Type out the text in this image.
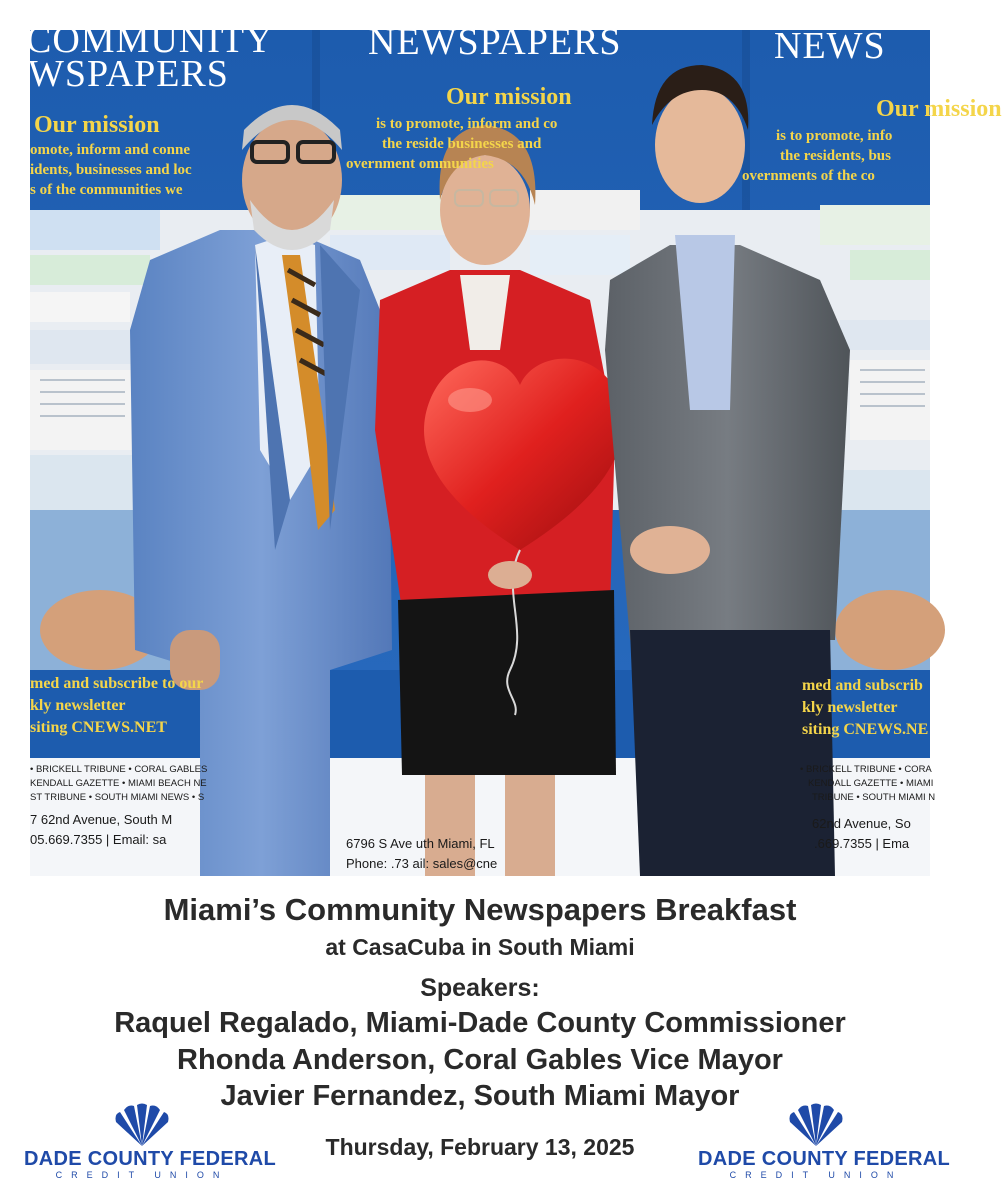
COMMUNITY
WSPAPERS
NEWSPAPERS	NEWS
Our mission
Our mission	Our mission
omote, inform and conne
idents, businesses and loc
s of the communities we
is to promote, inform and co
the reside businesses and
overnment ommunities
is to promote, info
the residents, bus
overnments of the co
med and subscribe to our
kly newsletter
siting CNEWS.NET
med and subscrib
kly newsletter
siting CNEWS.NE
• BRICKELL TRIBUNE • CORAL GABLES
KENDALL GAZETTE • MIAMI BEACH NE
ST TRIBUNE • SOUTH MIAMI NEWS • S
• BRICKELL TRIBUNE • CORA
KENDALL GAZETTE • MIAMI
TRIBUNE • SOUTH MIAMI N
7 62nd Avenue, South M
05.669.7355 | Email: sa
62nd Avenue, So
.669.7355 | Ema
6796 S Ave uth Miami, FL
Phone: .73 ail: sales@cne
Miami’s Community Newspapers Breakfast
at CasaCuba in South Miami
Speakers:
Raquel Regalado, Miami-Dade County Commissioner
Rhonda Anderson, Coral Gables Vice Mayor
Javier Fernandez, South Miami Mayor
Thursday, February 13, 2025
DADE COUNTY FEDERAL
CREDIT UNION
DADE COUNTY FEDERAL
CREDIT UNION
